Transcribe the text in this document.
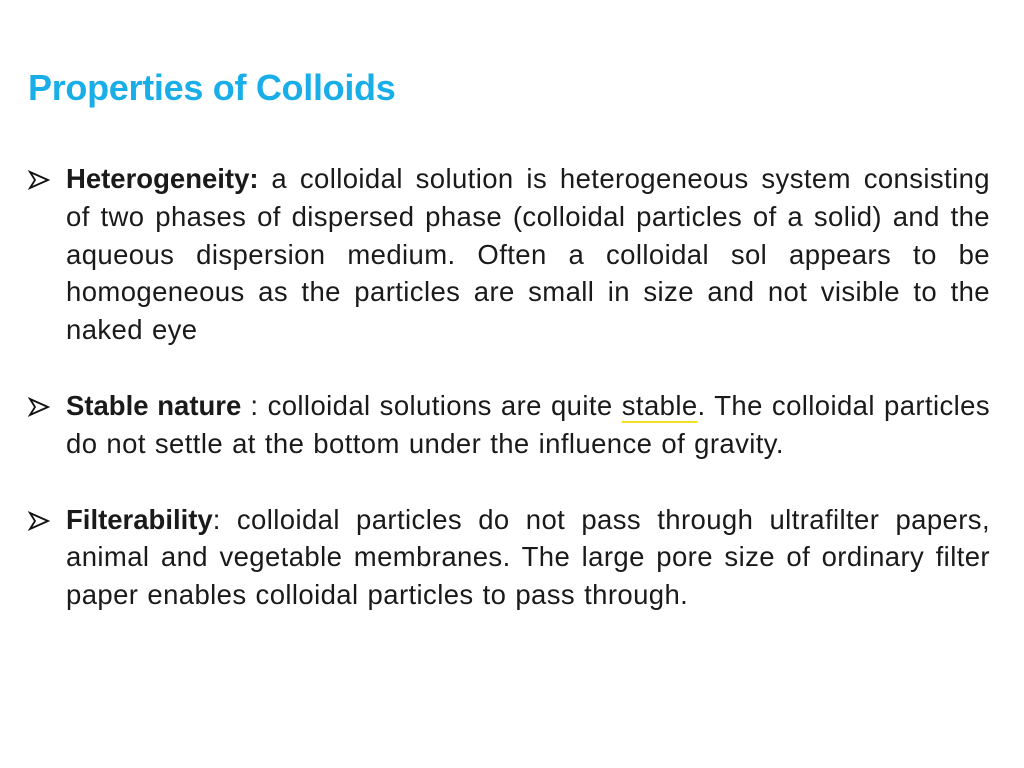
Properties of Colloids
Heterogeneity: a colloidal solution is heterogeneous system consisting of two phases of dispersed phase (colloidal particles of a solid) and the aqueous dispersion medium. Often a colloidal sol appears to be homogeneous as the particles are small in size and not visible to the naked eye
Stable nature : colloidal solutions are quite stable. The colloidal particles do not settle at the bottom under the influence of gravity.
Filterability: colloidal particles do not pass through ultrafilter papers, animal and vegetable membranes. The large pore size of ordinary filter paper enables colloidal particles to pass through.
